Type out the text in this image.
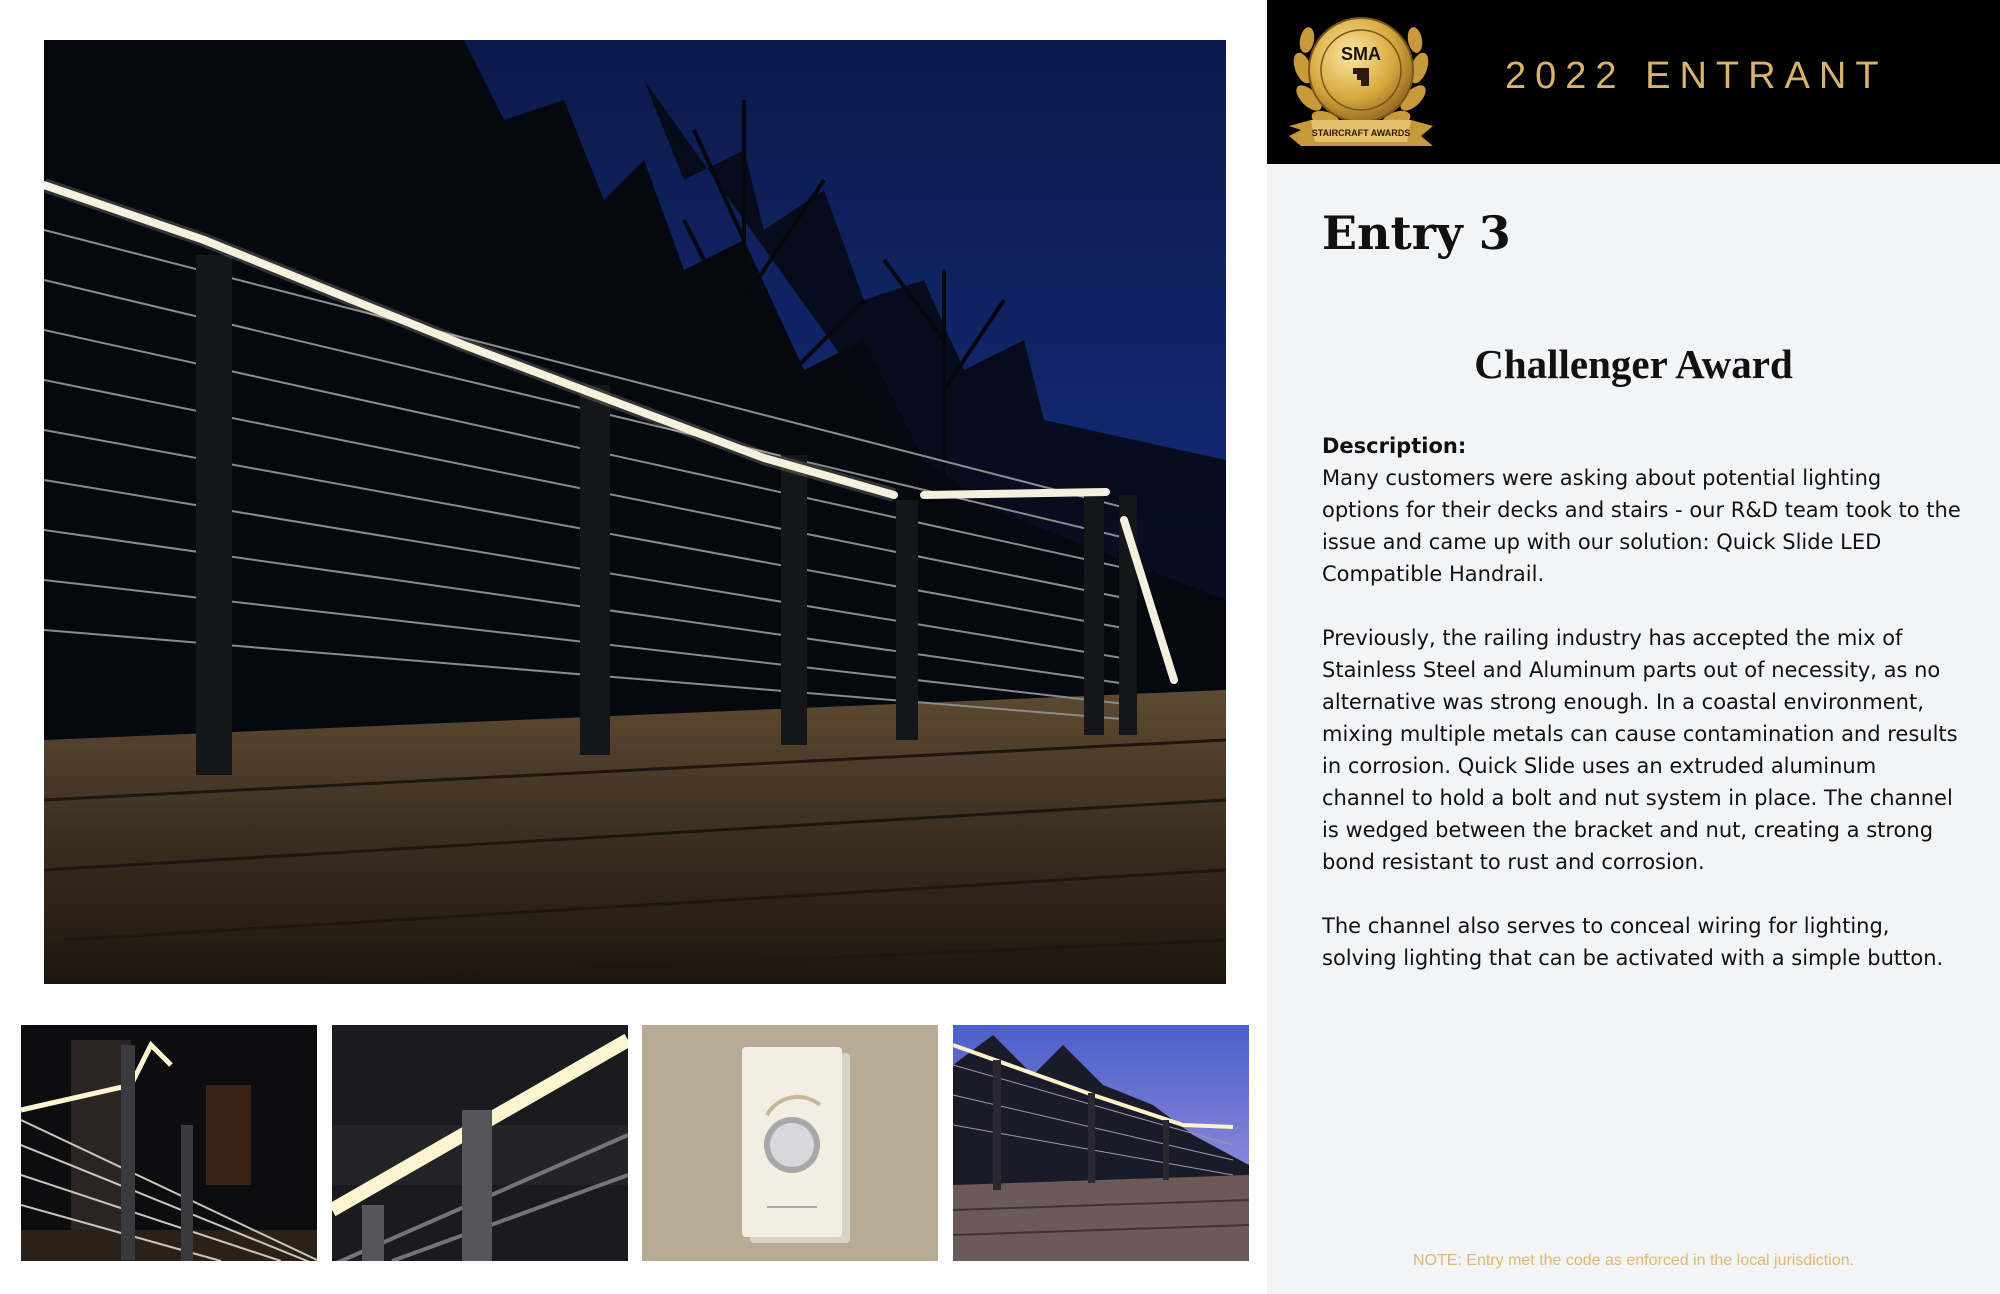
SMA
STAIRCRAFT AWARDS
2022 ENTRANT
Entry 3
Challenger Award
Description:

Many customers were asking about potential lighting options for their decks and stairs - our R&D team took to the issue and came up with our solution: Quick Slide LED Compatible Handrail.

Previously, the railing industry has accepted the mix of Stainless Steel and Aluminum parts out of necessity, as no alternative was strong enough. In a coastal environment, mixing multiple metals can cause contamination and results in corrosion. Quick Slide uses an extruded aluminum channel to hold a bolt and nut system in place. The channel is wedged between the bracket and nut, creating a strong bond resistant to rust and corrosion.

The channel also serves to conceal wiring for lighting, solving lighting that can be activated with a simple button.

NOTE: Entry met the code as enforced in the local jurisdiction.
